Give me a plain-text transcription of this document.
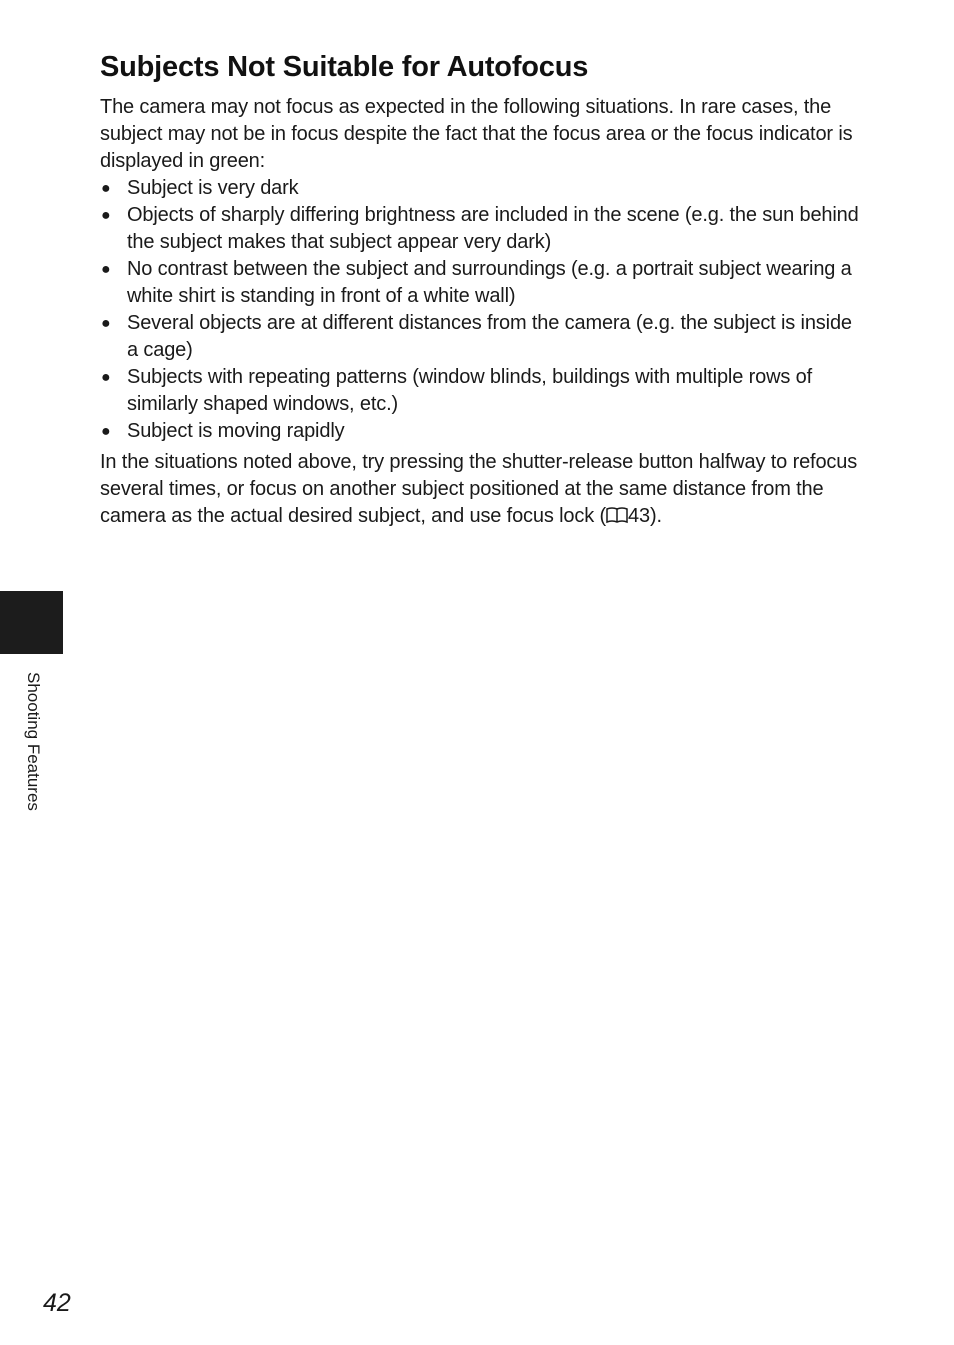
Subjects Not Suitable for Autofocus

The camera may not focus as expected in the following situations. In rare cases, the subject may not be in focus despite the fact that the focus area or the focus indicator is displayed in green:

● Subject is very dark
● Objects of sharply differing brightness are included in the scene (e.g. the sun behind the subject makes that subject appear very dark)
● No contrast between the subject and surroundings (e.g. a portrait subject wearing a white shirt is standing in front of a white wall)
● Several objects are at different distances from the camera (e.g. the subject is inside a cage)
● Subjects with repeating patterns (window blinds, buildings with multiple rows of similarly shaped windows, etc.)
● Subject is moving rapidly

In the situations noted above, try pressing the shutter-release button halfway to refocus several times, or focus on another subject positioned at the same distance from the camera as the actual desired subject, and use focus lock ( 43).

Shooting Features
42
